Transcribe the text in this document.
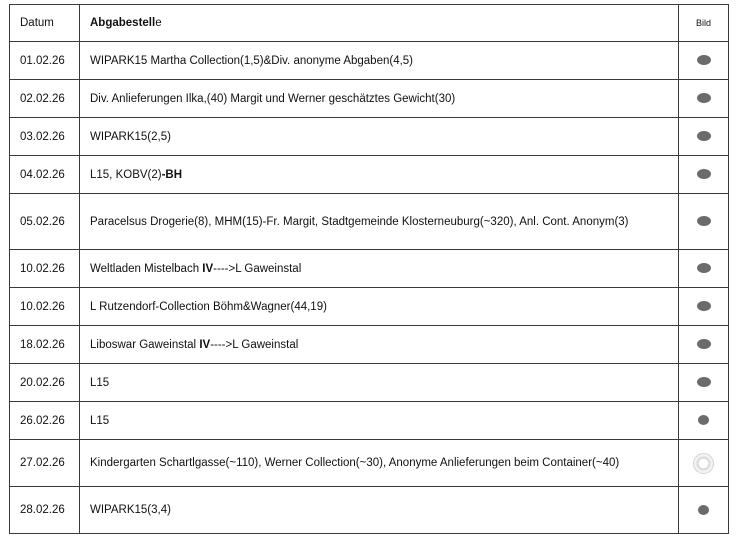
Datum	Abgabestelle	Bild
01.02.26	WIPARK15 Martha Collection(1,5)&Div. anonyme Abgaben(4,5)	
02.02.26	Div. Anlieferungen Ilka,(40) Margit und Werner geschätztes Gewicht(30)	
03.02.26	WIPARK15(2,5)	
04.02.26	L15, KOBV(2)-BH	
05.02.26	Paracelsus Drogerie(8), MHM(15)-Fr. Margit, Stadtgemeinde Klosterneuburg(~320), Anl. Cont. Anonym(3)	
10.02.26	Weltladen Mistelbach IV---->L Gaweinstal	
10.02.26	L Rutzendorf-Collection Böhm&Wagner(44,19)	
18.02.26	Liboswar Gaweinstal IV---->L Gaweinstal	
20.02.26	L15	
26.02.26	L15	
27.02.26	Kindergarten Schartlgasse(~110), Werner Collection(~30), Anonyme Anlieferungen beim Container(~40)	
28.02.26	WIPARK15(3,4)	
